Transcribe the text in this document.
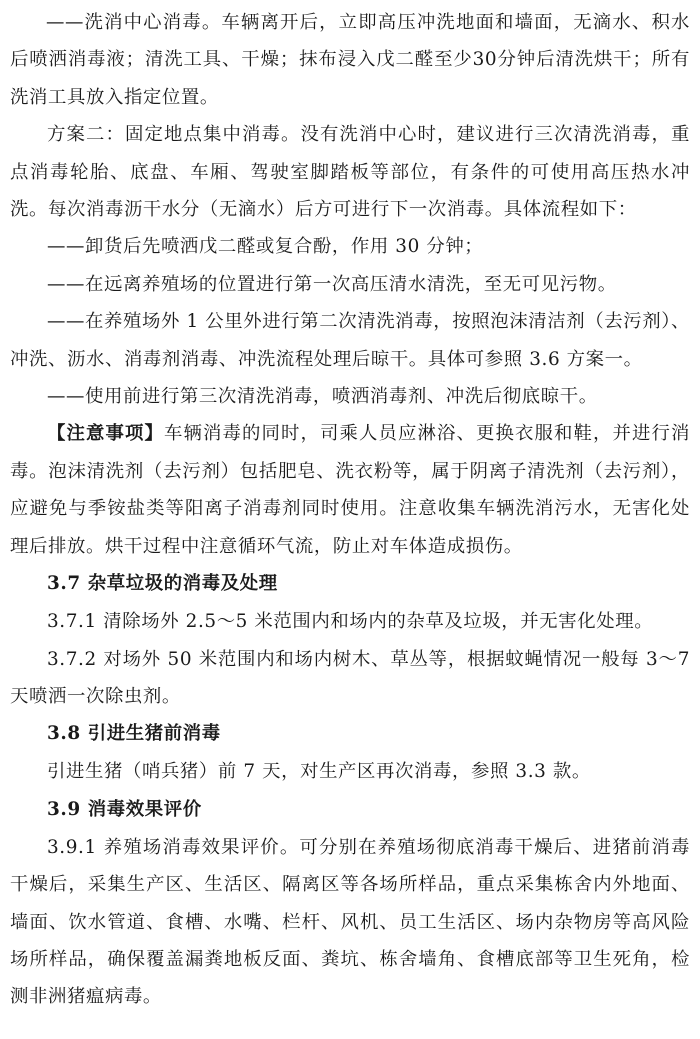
——洗消中心消毒。车辆离开后，立即高压冲洗地面和墙面，无滴水、积水后喷洒消毒液；清洗工具、干燥；抹布浸入戊二醛至少30分钟后清洗烘干；所有洗消工具放入指定位置。

方案二：固定地点集中消毒。没有洗消中心时，建议进行三次清洗消毒，重点消毒轮胎、底盘、车厢、驾驶室脚踏板等部位，有条件的可使用高压热水冲洗。每次消毒沥干水分（无滴水）后方可进行下一次消毒。具体流程如下：

——卸货后先喷洒戊二醛或复合酚，作用 30 分钟；

——在远离养殖场的位置进行第一次高压清水清洗，至无可见污物。

——在养殖场外 1 公里外进行第二次清洗消毒，按照泡沫清洁剂（去污剂）、冲洗、沥水、消毒剂消毒、冲洗流程处理后晾干。具体可参照 3.6 方案一。

——使用前进行第三次清洗消毒，喷洒消毒剂、冲洗后彻底晾干。

【注意事项】车辆消毒的同时，司乘人员应淋浴、更换衣服和鞋，并进行消毒。泡沫清洗剂（去污剂）包括肥皂、洗衣粉等，属于阴离子清洗剂（去污剂），应避免与季铵盐类等阳离子消毒剂同时使用。注意收集车辆洗消污水，无害化处理后排放。烘干过程中注意循环气流，防止对车体造成损伤。

3.7 杂草垃圾的消毒及处理

3.7.1 清除场外 2.5～5 米范围内和场内的杂草及垃圾，并无害化处理。

3.7.2 对场外 50 米范围内和场内树木、草丛等，根据蚊蝇情况一般每 3～7 天喷洒一次除虫剂。

3.8 引进生猪前消毒

引进生猪（哨兵猪）前 7 天，对生产区再次消毒，参照 3.3 款。

3.9 消毒效果评价

3.9.1 养殖场消毒效果评价。可分别在养殖场彻底消毒干燥后、进猪前消毒干燥后，采集生产区、生活区、隔离区等各场所样品，重点采集栋舍内外地面、墙面、饮水管道、食槽、水嘴、栏杆、风机、员工生活区、场内杂物房等高风险场所样品，确保覆盖漏粪地板反面、粪坑、栋舍墙角、食槽底部等卫生死角，检测非洲猪瘟病毒。
